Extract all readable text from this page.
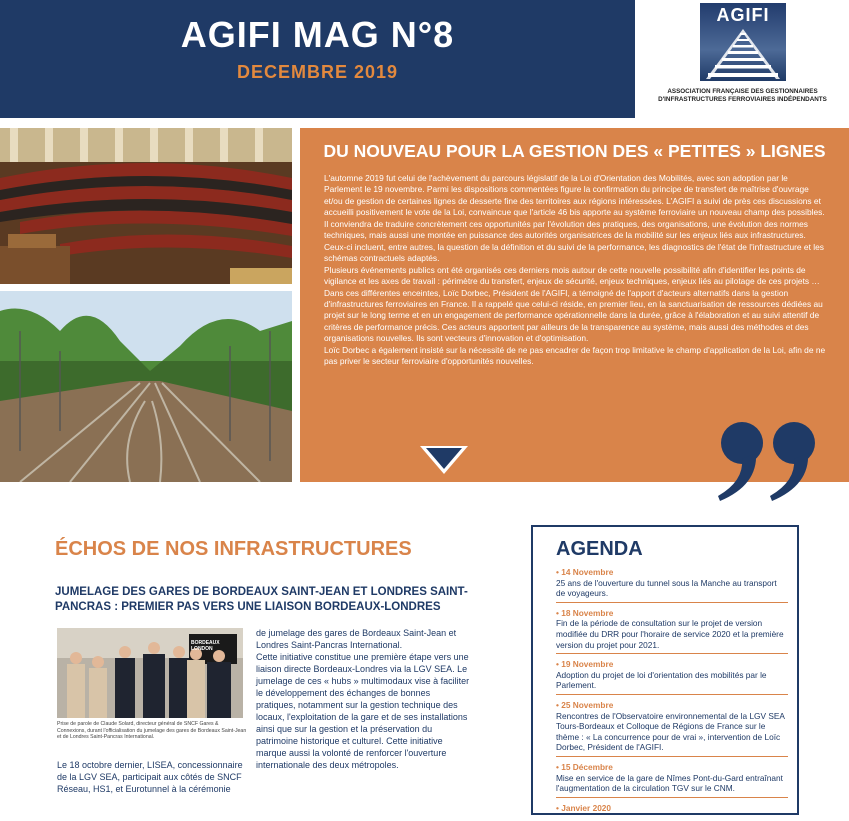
AGIFI MAG N°8
DECEMBRE 2019
AGIFI
ASSOCIATION FRANÇAISE DES GESTIONNAIRES
D'INFRASTRUCTURES FERROVIAIRES INDÉPENDANTS
DU NOUVEAU POUR LA GESTION DES « PETITES » LIGNES

L'automne 2019 fut celui de l'achèvement du parcours législatif de la Loi d'Orientation des Mobilités, avec son adoption par le Parlement le 19 novembre. Parmi les dispositions commentées figure la confirmation du principe de transfert de maîtrise d'ouvrage et/ou de gestion de certaines lignes de desserte fine des territoires aux régions intéressées. L'AGIFI a suivi de près ces discussions et accueilli positivement le vote de la Loi, convaincue que l'article 46 bis apporte au système ferroviaire un nouveau champ des possibles. Il conviendra de traduire concrètement ces opportunités par l'évolution des pratiques, des organisations, une évolution des normes techniques, mais aussi une montée en puissance des autorités organisatrices de la mobilité sur les enjeux liés aux infrastructures. Ceux-ci incluent, entre autres, la question de la définition et du suivi de la performance, les diagnostics de l'état de l'infrastructure et les schémas contractuels adaptés.

Plusieurs événements publics ont été organisés ces derniers mois autour de cette nouvelle possibilité afin d'identifier les points de vigilance et les axes de travail : périmètre du transfert, enjeux de sécurité, enjeux techniques, enjeux liés au pilotage de ces projets …

Dans ces différentes enceintes, Loïc Dorbec, Président de l'AGIFI, a témoigné de l'apport d'acteurs alternatifs dans la gestion d'infrastructures ferroviaires en France. Il a rappelé que celui-ci réside, en premier lieu, en la sanctuarisation de ressources dédiées au projet sur le long terme et en un engagement de performance opérationnelle dans la durée, grâce à l'élaboration et au suivi attentif de critères de performance précis. Ces acteurs apportent par ailleurs de la transparence au système, mais aussi des méthodes et des organisations nouvelles. Ils sont vecteurs d'innovation et d'optimisation.

Loïc Dorbec a également insisté sur la nécessité de ne pas encadrer de façon trop limitative le champ d'application de la Loi, afin de ne pas priver le secteur ferroviaire d'opportunités nouvelles.

ÉCHOS DE NOS INFRASTRUCTURES
JUMELAGE DES GARES DE BORDEAUX SAINT-JEAN ET LONDRES SAINT-PANCRAS : PREMIER PAS VERS UNE LIAISON BORDEAUX-LONDRES
BORDEAUX LONDON
Prise de parole de Claude Solard, directeur général de SNCF Gares & Connexions, durant l'officialisation du jumelage des gares de Bordeaux Saint-Jean et de Londres Saint-Pancras International.
Le 18 octobre dernier, LISEA, concessionnaire de la LGV SEA, participait aux côtés de SNCF Réseau, HS1, et Eurotunnel à la cérémonie
de jumelage des gares de Bordeaux Saint-Jean et Londres Saint-Pancras International.
Cette initiative constitue une première étape vers une liaison directe Bordeaux-Londres via la LGV SEA. Le jumelage de ces « hubs » multimodaux vise à faciliter le développement des échanges de bonnes pratiques, notamment sur la gestion technique des locaux, l'exploitation de la gare et de ses installations ainsi que sur la gestion et la préservation du patrimoine historique et culturel. Cette initiative marque aussi la volonté de renforcer l'ouverture internationale des deux métropoles.
AGENDA
• 14 Novembre
25 ans de l'ouverture du tunnel sous la Manche au transport de voyageurs.
• 18 Novembre
Fin de la période de consultation sur le projet de version modifiée du DRR pour l'horaire de service 2020 et la première version du projet pour 2021.
• 19 Novembre
Adoption du projet de loi d'orientation des mobilités par le Parlement.
• 25 Novembre
Rencontres de l'Observatoire environnemental de la LGV SEA Tours-Bordeaux et Colloque de Régions de France sur le thème : « La concurrence pour de vrai », intervention de Loïc Dorbec, Président de l'AGIFI.
• 15 Décembre
Mise en service de la gare de Nîmes Pont-du-Gard entraînant l'augmentation de la circulation TGV sur le CNM.
• Janvier 2020
